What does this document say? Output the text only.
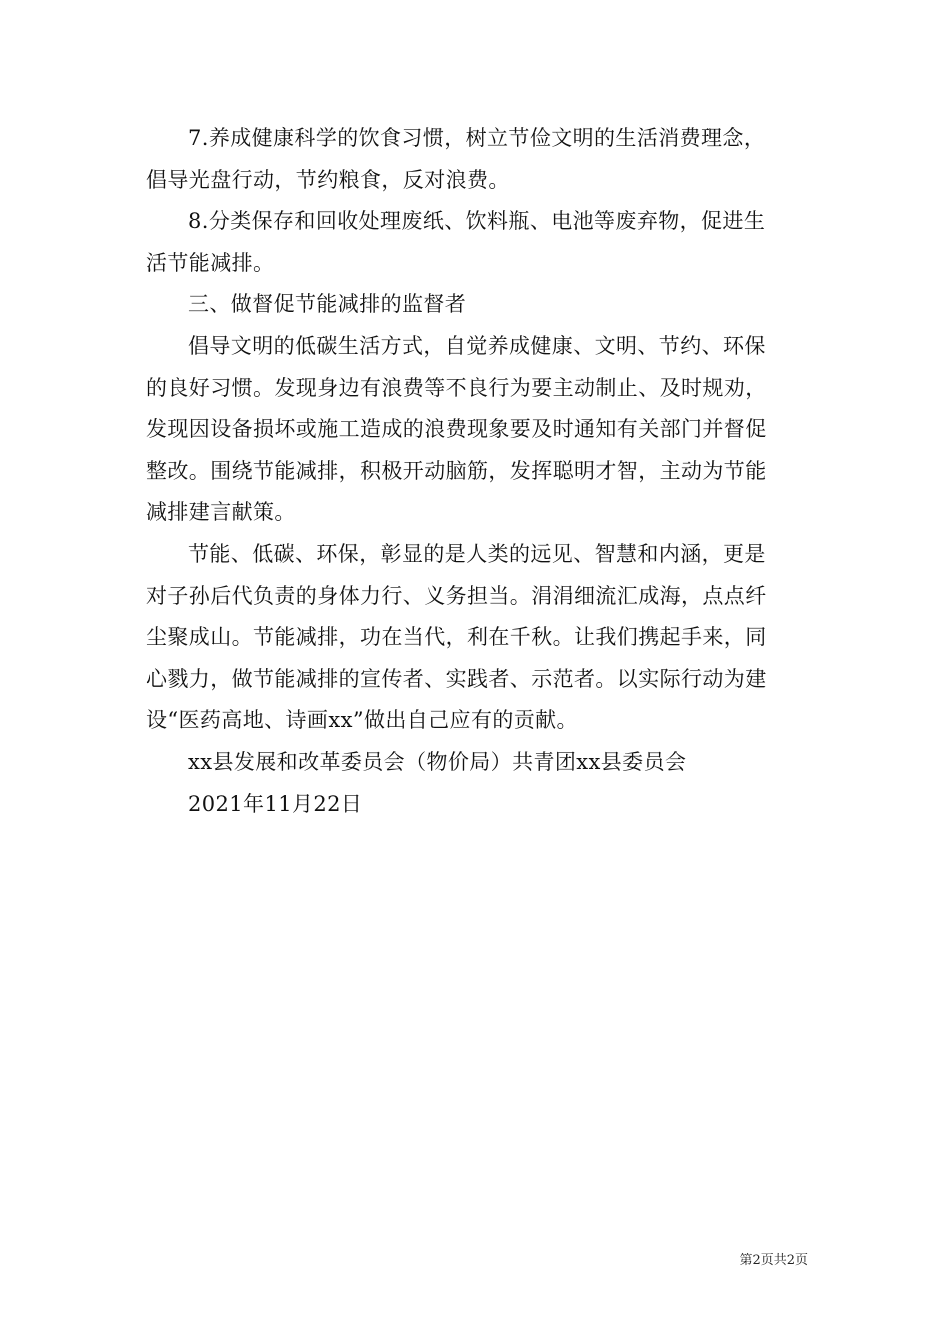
7.养成健康科学的饮食习惯，树立节俭文明的生活消费理念，
倡导光盘行动，节约粮食，反对浪费。

8.分类保存和回收处理废纸、饮料瓶、电池等废弃物，促进生
活节能减排。

三、做督促节能减排的监督者

倡导文明的低碳生活方式，自觉养成健康、文明、节约、环保
的良好习惯。发现身边有浪费等不良行为要主动制止、及时规劝，
发现因设备损坏或施工造成的浪费现象要及时通知有关部门并督促
整改。围绕节能减排，积极开动脑筋，发挥聪明才智，主动为节能
减排建言献策。

节能、低碳、环保，彰显的是人类的远见、智慧和内涵，更是
对子孙后代负责的身体力行、义务担当。涓涓细流汇成海，点点纤
尘聚成山。节能减排，功在当代，利在千秋。让我们携起手来，同
心戮力，做节能减排的宣传者、实践者、示范者。以实际行动为建
设“医药高地、诗画xx”做出自己应有的贡献。

xx县发展和改革委员会（物价局）共青团xx县委员会

2021年11月22日

第2页共2页
